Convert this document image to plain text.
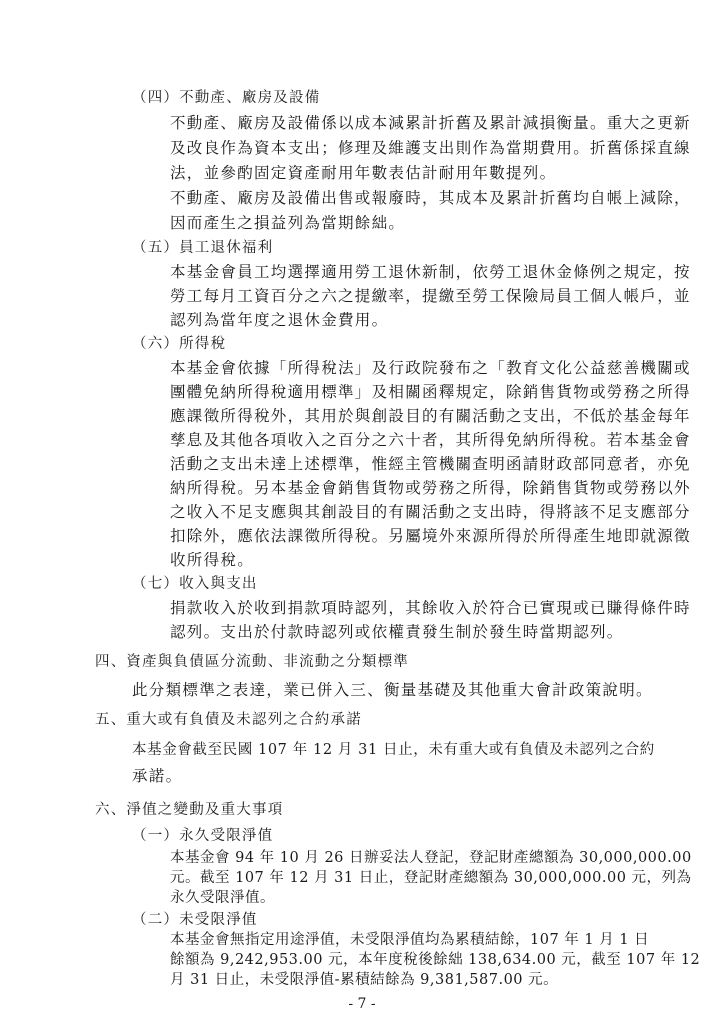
（四）不動產、廠房及設備
不動產、廠房及設備係以成本減累計折舊及累計減損衡量。重大之更新
及改良作為資本支出；修理及維護支出則作為當期費用。折舊係採直線
法，並參酌固定資產耐用年數表估計耐用年數提列。
不動產、廠房及設備出售或報廢時，其成本及累計折舊均自帳上減除，
因而產生之損益列為當期餘絀。
（五）員工退休福利
本基金會員工均選擇適用勞工退休新制，依勞工退休金條例之規定，按
勞工每月工資百分之六之提繳率，提繳至勞工保險局員工個人帳戶，並
認列為當年度之退休金費用。
（六）所得稅
本基金會依據「所得稅法」及行政院發布之「教育文化公益慈善機關或
團體免納所得稅適用標準」及相關函釋規定，除銷售貨物或勞務之所得
應課徵所得稅外，其用於與創設目的有關活動之支出，不低於基金每年
孳息及其他各項收入之百分之六十者，其所得免納所得稅。若本基金會
活動之支出未達上述標準，惟經主管機關查明函請財政部同意者，亦免
納所得稅。另本基金會銷售貨物或勞務之所得，除銷售貨物或勞務以外
之收入不足支應與其創設目的有關活動之支出時，得將該不足支應部分
扣除外，應依法課徵所得稅。另屬境外來源所得於所得產生地即就源徵
收所得稅。
（七）收入與支出
捐款收入於收到捐款項時認列，其餘收入於符合已實現或已賺得條件時
認列。支出於付款時認列或依權責發生制於發生時當期認列。
四、資產與負債區分流動、非流動之分類標準
此分類標準之表達，業已併入三、衡量基礎及其他重大會計政策說明。
五、重大或有負債及未認列之合約承諾
本基金會截至民國 107 年 12 月 31 日止，未有重大或有負債及未認列之合約
承諾。
- 7 -
六、淨值之變動及重大事項
（一）永久受限淨值
本基金會 94 年 10 月 26 日辦妥法人登記，登記財產總額為 30,000,000.00
元。截至 107 年 12 月 31 日止，登記財產總額為 30,000,000.00 元，列為
永久受限淨值。
（二）未受限淨值
本基金會無指定用途淨值，未受限淨值均為累積結餘，107 年 1 月 1 日
餘額為 9,242,953.00 元，本年度稅後餘絀 138,634.00 元，截至 107 年 12
月 31 日止，未受限淨值-累積結餘為 9,381,587.00 元。
